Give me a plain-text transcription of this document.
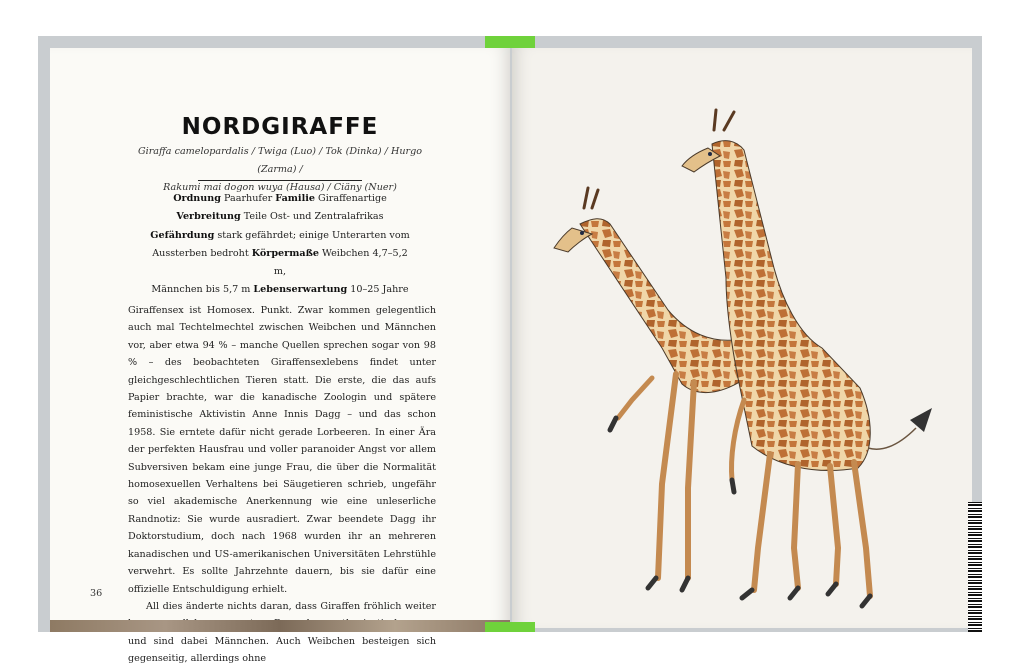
NORDGIRAFFE
Giraffa camelopardalis / Twiga (Luo) / Tok (Dinka) / Hurgo (Zarma) /
Rakumi mai dogon wuya (Hausa) / Ciäny (Nuer)
Ordnung Paarhufer Familie Giraffenartige
Verbreitung Teile Ost- und Zentralafrikas
Gefährdung stark gefährdet; einige Unterarten vom
Aussterben bedroht Körpermaße Weibchen 4,7–5,2 m,
Männchen bis 5,7 m Lebenserwartung 10–25 Jahre

Giraffensex ist Homosex. Punkt. Zwar kommen gelegentlich auch mal Techtelmechtel zwischen Weibchen und Männchen vor, aber etwa 94 % – manche Quellen sprechen sogar von 98 % – des beobachteten Giraffensexlebens findet unter gleichgeschlechtlichen Tieren statt. Die erste, die das aufs Papier brachte, war die kanadische Zoologin und spätere feministische Aktivistin Anne Innis Dagg – und das schon 1958. Sie erntete dafür nicht gerade Lorbeeren. In einer Ära der perfekten Hausfrau und voller paranoider Angst vor allem Subversiven bekam eine junge Frau, die über die Normalität homosexuellen Verhaltens bei Säugetieren schrieb, ungefähr so viel akademische Anerkennung wie eine unleserliche Randnotiz: Sie wurde ausradiert. Zwar beendete Dagg ihr Doktorstudium, doch nach 1968 wurden ihr an mehreren kanadischen und US-amerikanischen Universitäten Lehrstühle verwehrt. Es sollte Jahrzehnte dauern, bis sie dafür eine offizielle Entschuldigung erhielt.

All dies änderte nichts daran, dass Giraffen fröhlich weiter und sind dabei Männchen. Auch Weibchen besteigen sich gegenseitig, allerdings ohne

36
